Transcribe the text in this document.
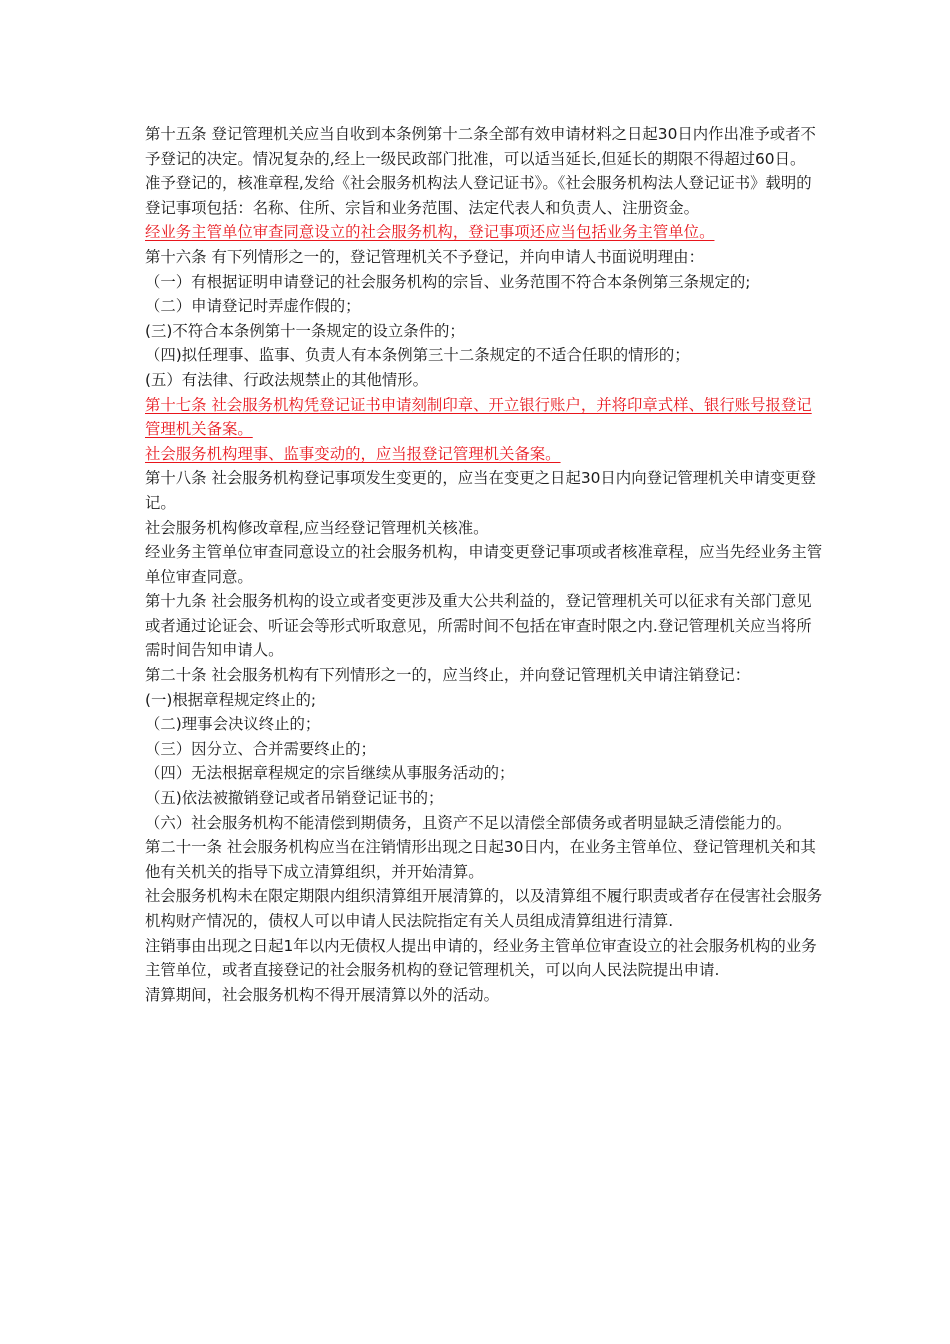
第十五条 登记管理机关应当自收到本条例第十二条全部有效申请材料之日起30日内作出准予或者不予登记的决定。情况复杂的,经上一级民政部门批准，可以适当延长,但延长的期限不得超过60日。

准予登记的，核准章程,发给《社会服务机构法人登记证书》。《社会服务机构法人登记证书》载明的登记事项包括：名称、住所、宗旨和业务范围、法定代表人和负责人、注册资金。

经业务主管单位审查同意设立的社会服务机构，登记事项还应当包括业务主管单位。

第十六条 有下列情形之一的，登记管理机关不予登记，并向申请人书面说明理由：

（一）有根据证明申请登记的社会服务机构的宗旨、业务范围不符合本条例第三条规定的;

（二）申请登记时弄虚作假的；

(三)不符合本条例第十一条规定的设立条件的；

（四)拟任理事、监事、负责人有本条例第三十二条规定的不适合任职的情形的；

(五）有法律、行政法规禁止的其他情形。

第十七条 社会服务机构凭登记证书申请刻制印章、开立银行账户，并将印章式样、银行账号报登记管理机关备案。

社会服务机构理事、监事变动的，应当报登记管理机关备案。

第十八条 社会服务机构登记事项发生变更的，应当在变更之日起30日内向登记管理机关申请变更登记。

社会服务机构修改章程,应当经登记管理机关核准。

经业务主管单位审查同意设立的社会服务机构，申请变更登记事项或者核准章程，应当先经业务主管单位审查同意。

第十九条 社会服务机构的设立或者变更涉及重大公共利益的，登记管理机关可以征求有关部门意见或者通过论证会、听证会等形式听取意见，所需时间不包括在审查时限之内.登记管理机关应当将所需时间告知申请人。

第二十条 社会服务机构有下列情形之一的，应当终止，并向登记管理机关申请注销登记：

(一)根据章程规定终止的;

（二)理事会决议终止的；

（三）因分立、合并需要终止的；

（四）无法根据章程规定的宗旨继续从事服务活动的；

（五)依法被撤销登记或者吊销登记证书的；

（六）社会服务机构不能清偿到期债务，且资产不足以清偿全部债务或者明显缺乏清偿能力的。

第二十一条 社会服务机构应当在注销情形出现之日起30日内，在业务主管单位、登记管理机关和其他有关机关的指导下成立清算组织，并开始清算。

社会服务机构未在限定期限内组织清算组开展清算的，以及清算组不履行职责或者存在侵害社会服务机构财产情况的，债权人可以申请人民法院指定有关人员组成清算组进行清算.

注销事由出现之日起1年以内无债权人提出申请的，经业务主管单位审查设立的社会服务机构的业务主管单位，或者直接登记的社会服务机构的登记管理机关，可以向人民法院提出申请.

清算期间，社会服务机构不得开展清算以外的活动。
